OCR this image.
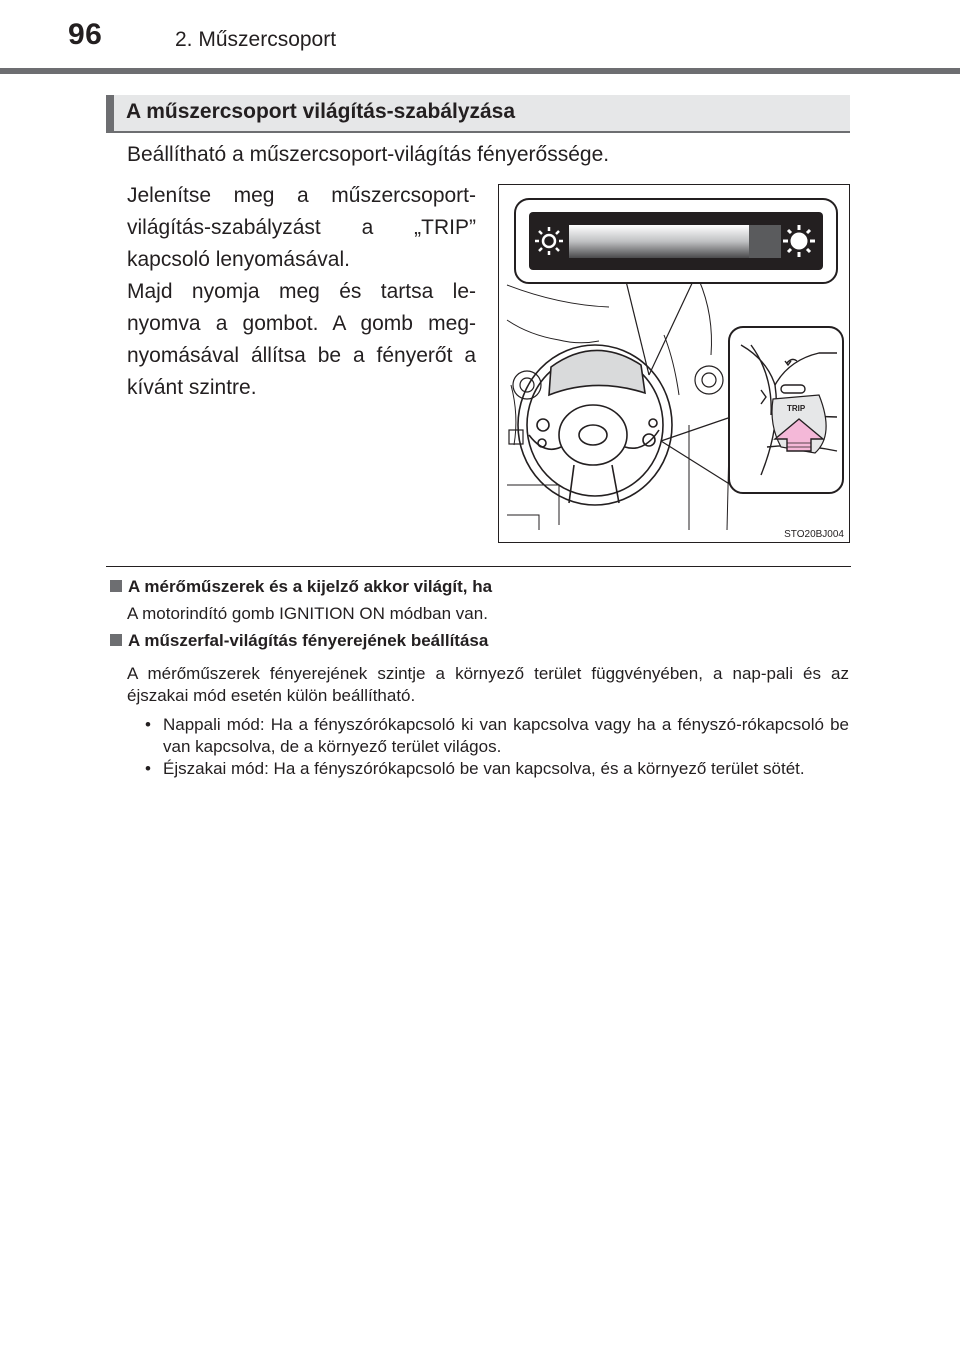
96	2. Műszercsoport
A műszercsoport világítás-szabályzása
Beállítható a műszercsoport-világítás fényerőssége.
Jelenítse meg a műszercsoport-világítás-szabályzást a „TRIP” kapcsoló lenyomásával.
Majd nyomja meg és tartsa le-nyomva a gombot. A gomb meg-nyomásával állítsa be a fényerőt a kívánt szintre.
TRIP
STO20BJ004
A mérőműszerek és a kijelző akkor világít, ha
A motorindító gomb IGNITION ON módban van.
A műszerfal-világítás fényerejének beállítása
A mérőműszerek fényerejének szintje a környező terület függvényében, a nap-pali és az éjszakai mód esetén külön beállítható.
• Nappali mód: Ha a fényszórókapcsoló ki van kapcsolva vagy ha a fényszó-rókapcsoló be van kapcsolva, de a környező terület világos.
• Éjszakai mód: Ha a fényszórókapcsoló be van kapcsolva, és a környező terület sötét.
